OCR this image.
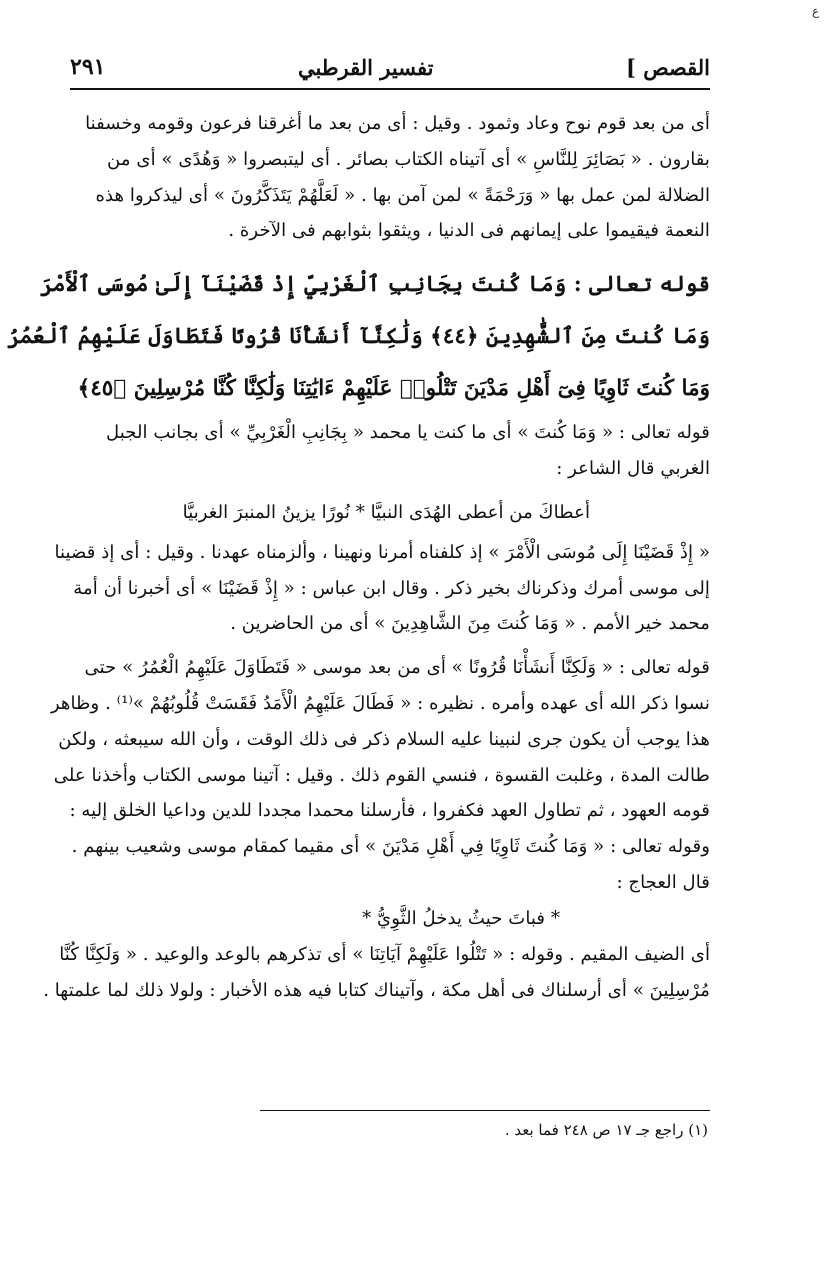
ع
القصص ]
تفسير القرطبي
٢٩١
أى من بعد قوم نوح وعاد وثمود . وقيل : أى من بعد ما أغرقنا فرعون وقومه وخسفنا
بقارون . « بَصَائِرَ لِلنَّاسِ » أى آتيناه الكتاب بصائر . أى ليتبصروا « وَهُدًى » أى من
الضلالة لمن عمل بها « وَرَحْمَةً » لمن آمن بها . « لَعَلَّهُمْ يَتَذَكَّرُونَ » أى ليذكروا هذه
النعمة فيقيموا على إيمانهم فى الدنيا ، ويثقوا بثوابهم فى الآخرة .
قوله تعالى : وَمَا كُنتَ بِجَانِبِ ٱلْغَرْبِيِّ إِذْ قَضَيْنَآ إِلَىٰ مُوسَى ٱلْأَمْرَ
وَمَا كُنتَ مِنَ ٱلشَّٰهِدِينَ ﴿٤٤﴾ وَلَٰكِنَّآ أَنشَأْنَا قُرُونًا فَتَطَاوَلَ عَلَيْهِمُ ٱلْعُمُرُ
وَمَا كُنتَ ثَاوِيًا فِىٓ أَهْلِ مَدْيَنَ تَتْلُوا۟ عَلَيْهِمْ ءَايَٰتِنَا وَلَٰكِنَّا كُنَّا مُرْسِلِينَ ﴿٤٥﴾
قوله تعالى : « وَمَا كُنتَ » أى ما كنت يا محمد « بِجَانِبِ الْغَرْبِيِّ » أى بجانب الجبل
الغربي قال الشاعر :
أعطاكَ من أعطى الهُدَى النبيَّا * نُورًا يزينُ المنبرَ الغربيَّا
« إِذْ قَضَيْنَا إِلَى مُوسَى الْأَمْرَ » إذ كلفناه أمرنا ونهينا ، وألزمناه عهدنا . وقيل : أى إذ قضينا
إلى موسى أمرك وذكرناك بخير ذكر . وقال ابن عباس : « إِذْ قَضَيْنَا » أى أخبرنا أن أمة
محمد خير الأمم . « وَمَا كُنتَ مِنَ الشَّاهِدِينَ » أى من الحاضرين .
قوله تعالى : « وَلَكِنَّا أَنشَأْنَا قُرُونًا » أى من بعد موسى « فَتَطَاوَلَ عَلَيْهِمُ الْعُمُرُ » حتى
نسوا ذكر الله أى عهده وأمره . نظيره : « فَطَالَ عَلَيْهِمُ الْأَمَدُ فَقَسَتْ قُلُوبُهُمْ »⁽¹⁾ . وظاهر
هذا يوجب أن يكون جرى لنبينا عليه السلام ذكر فى ذلك الوقت ، وأن الله سيبعثه ، ولكن
طالت المدة ، وغلبت القسوة ، فنسي القوم ذلك . وقيل : آتينا موسى الكتاب وأخذنا على
قومه العهود ، ثم تطاول العهد فكفروا ، فأرسلنا محمدا مجددا للدين وداعيا الخلق إليه :
وقوله تعالى : « وَمَا كُنتَ ثَاوِيًا فِي أَهْلِ مَدْيَنَ » أى مقيما كمقام موسى وشعيب بينهم .
قال العجاج :
* فباتَ حيثُ يدخلُ الثَّوِيُّ *
أى الضيف المقيم . وقوله : « تَتْلُوا عَلَيْهِمْ آيَاتِنَا » أى تذكرهم بالوعد والوعيد . « وَلَكِنَّا كُنَّا
مُرْسِلِينَ » أى أرسلناك فى أهل مكة ، وآتيناك كتابا فيه هذه الأخبار : ولولا ذلك لما علمتها .
(١) راجع جـ ١٧ ص ٢٤٨ فما بعد .
